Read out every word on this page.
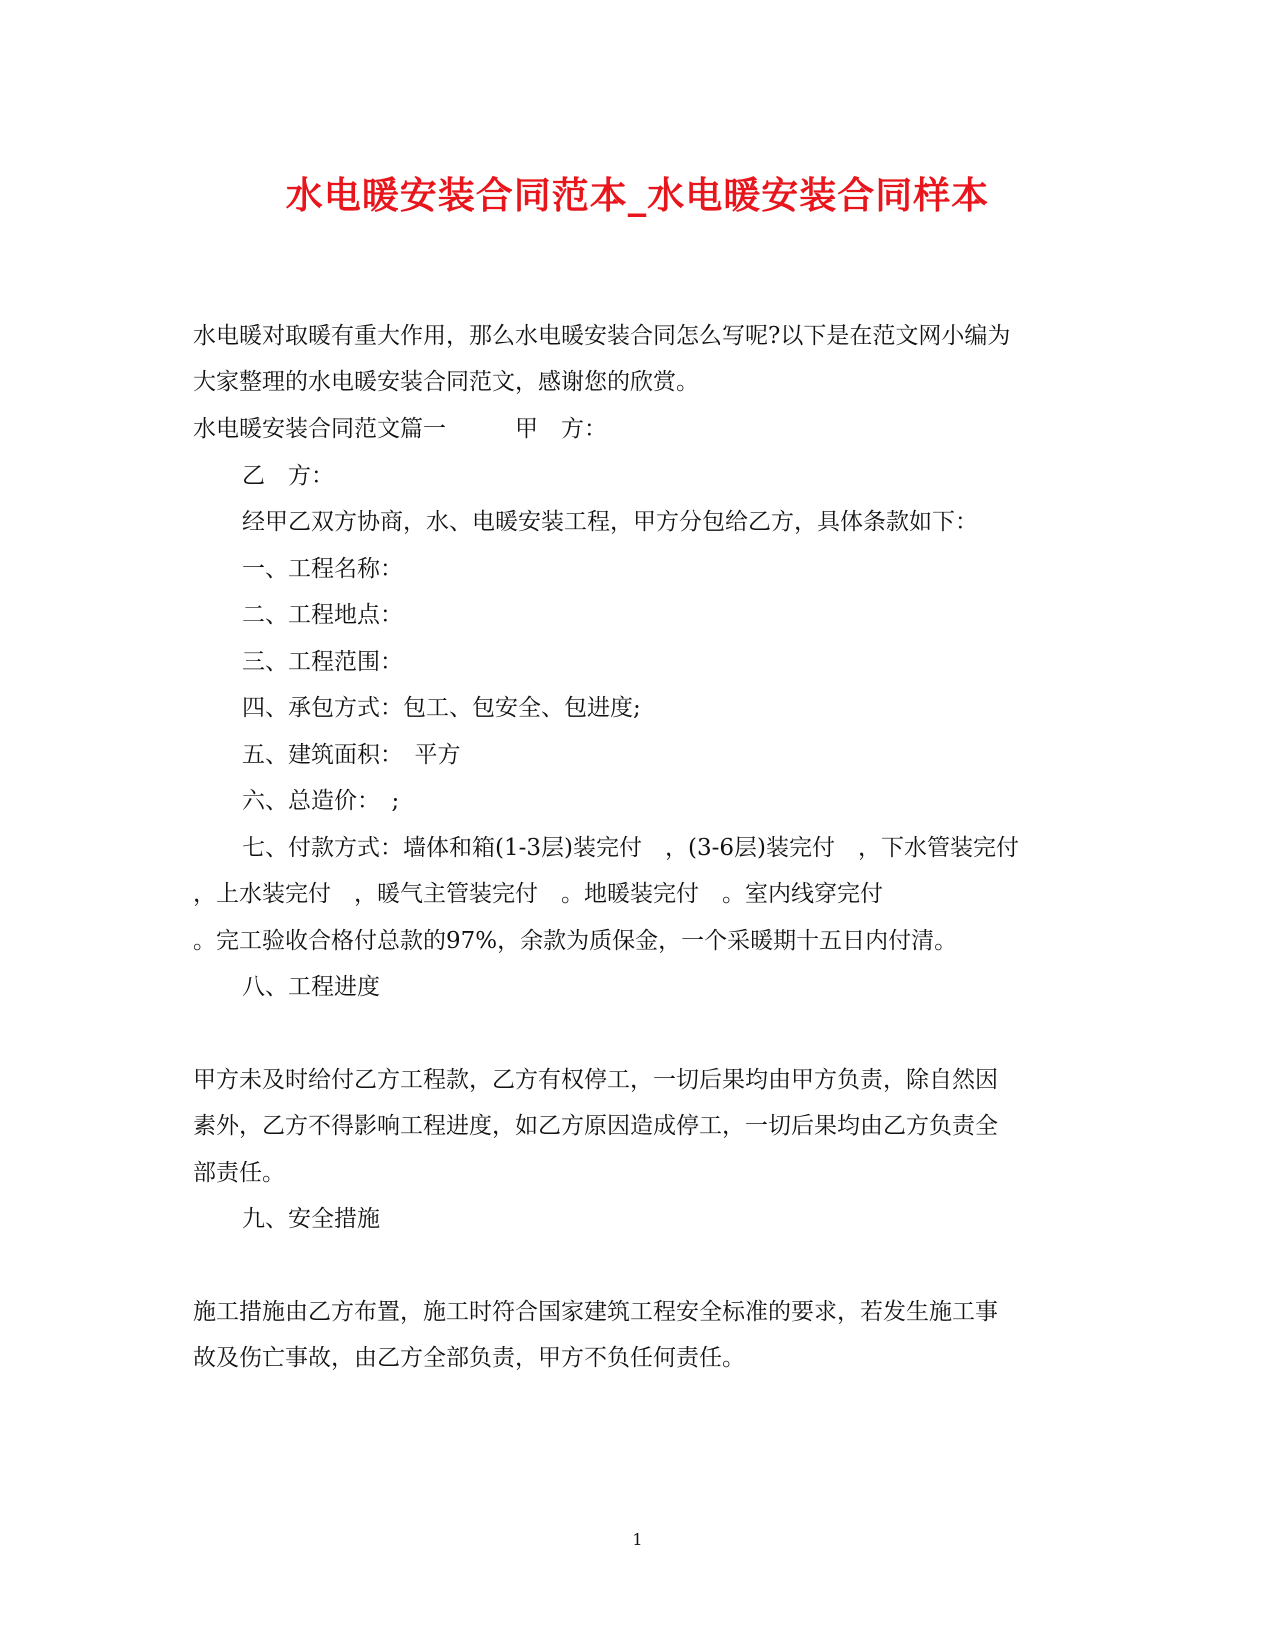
水电暖安装合同范本_水电暖安装合同样本
水电暖对取暖有重大作用，那么水电暖安装合同怎么写呢?以下是在范文网小编为
大家整理的水电暖安装合同范文，感谢您的欣赏。
水电暖安装合同范文篇一　　　甲　方：
乙　方：
经甲乙双方协商，水、电暖安装工程，甲方分包给乙方，具体条款如下：
一、工程名称：
二、工程地点：
三、工程范围：
四、承包方式：包工、包安全、包进度;
五、建筑面积：　平方
六、总造价：　;
七、付款方式：墙体和箱(1-3层)装完付　，(3-6层)装完付　，下水管装完付
，上水装完付　，暖气主管装完付　。地暖装完付　。室内线穿完付
。完工验收合格付总款的97%，余款为质保金，一个采暖期十五日内付清。
八、工程进度
甲方未及时给付乙方工程款，乙方有权停工，一切后果均由甲方负责，除自然因
素外，乙方不得影响工程进度，如乙方原因造成停工，一切后果均由乙方负责全
部责任。
九、安全措施
施工措施由乙方布置，施工时符合国家建筑工程安全标准的要求，若发生施工事
故及伤亡事故，由乙方全部负责，甲方不负任何责任。
1
